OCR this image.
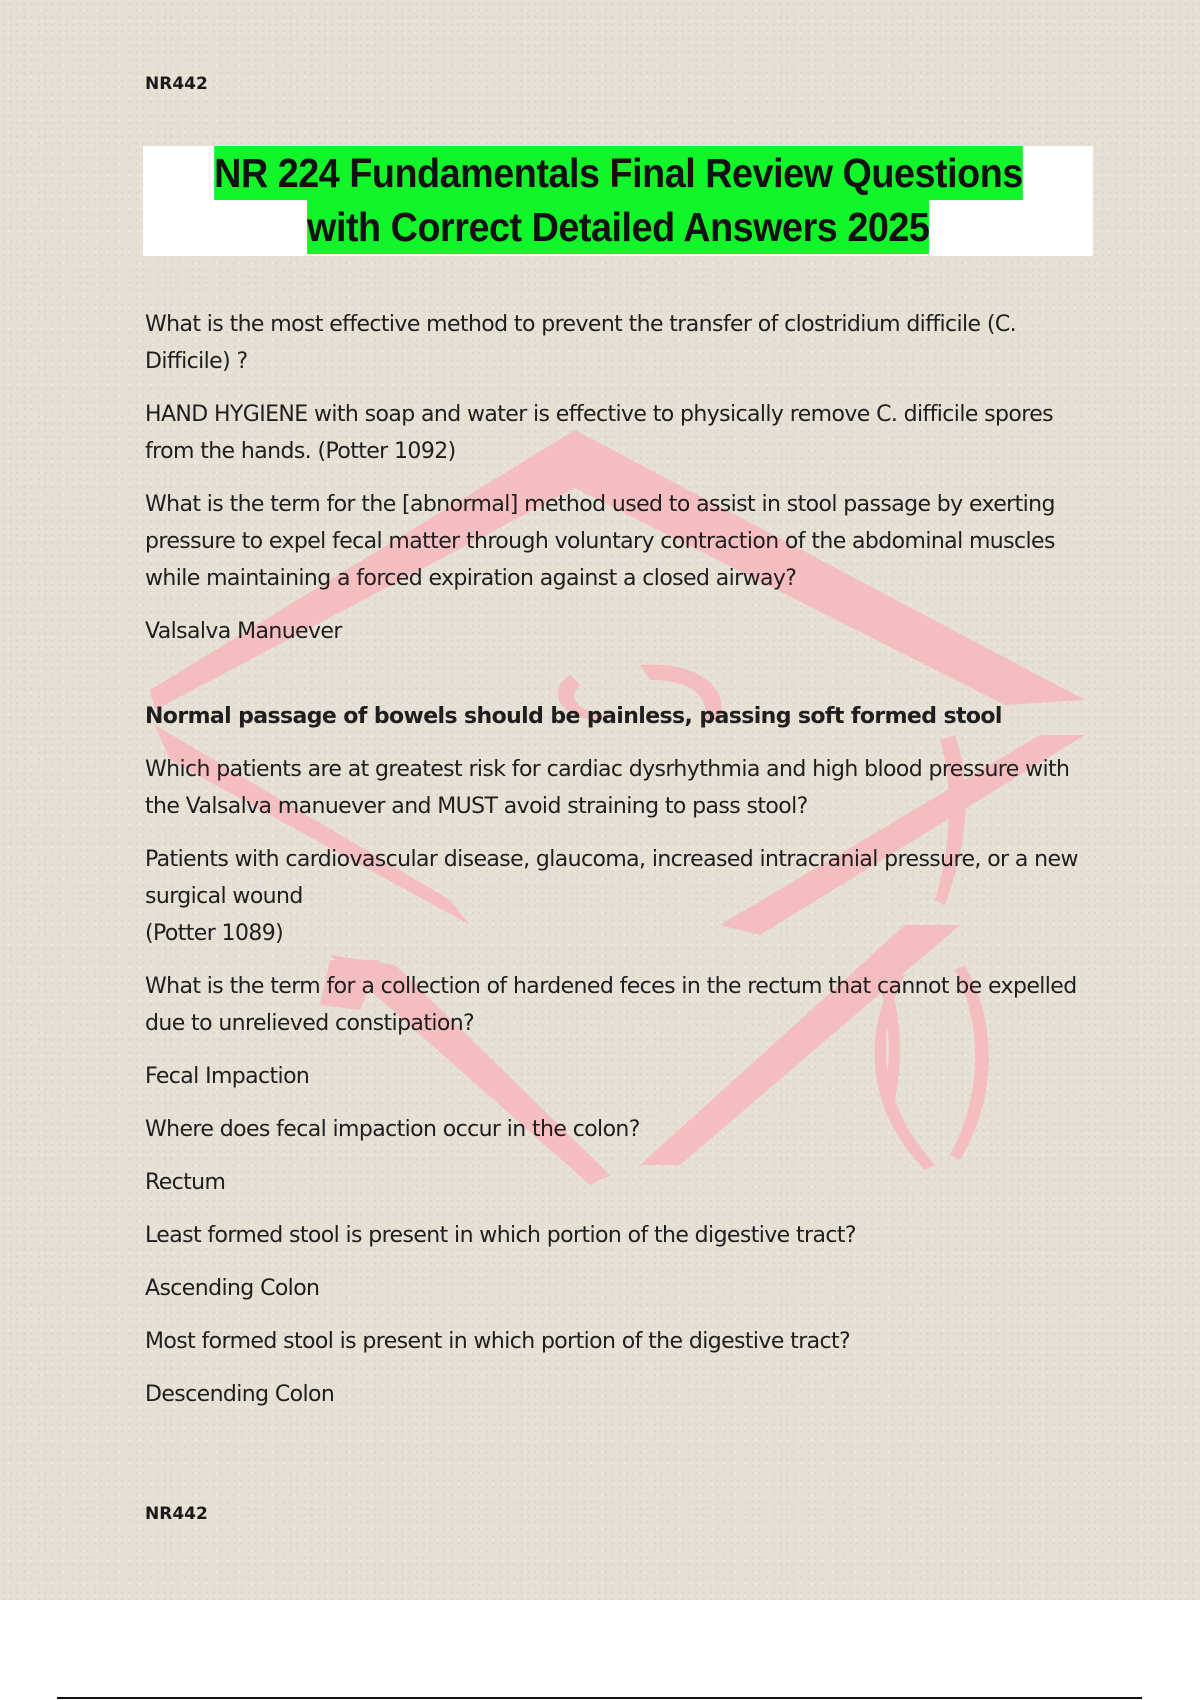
NR442
NR 224 Fundamentals Final Review Questions
with Correct Detailed Answers 2025

What is the most effective method to prevent the transfer of clostridium difficile (C. Difficile) ?

HAND HYGIENE with soap and water is effective to physically remove C. difficile spores from the hands. (Potter 1092)

What is the term for the [abnormal] method used to assist in stool passage by exerting pressure to expel fecal matter through voluntary contraction of the abdominal muscles while maintaining a forced expiration against a closed airway?

Valsalva Manuever

Normal passage of bowels should be painless, passing soft formed stool

Which patients are at greatest risk for cardiac dysrhythmia and high blood pressure with the Valsalva manuever and MUST avoid straining to pass stool?

Patients with cardiovascular disease, glaucoma, increased intracranial pressure, or a new surgical wound
(Potter 1089)

What is the term for a collection of hardened feces in the rectum that cannot be expelled due to unrelieved constipation?

Fecal Impaction

Where does fecal impaction occur in the colon?

Rectum

Least formed stool is present in which portion of the digestive tract?

Ascending Colon

Most formed stool is present in which portion of the digestive tract?

Descending Colon

NR442
